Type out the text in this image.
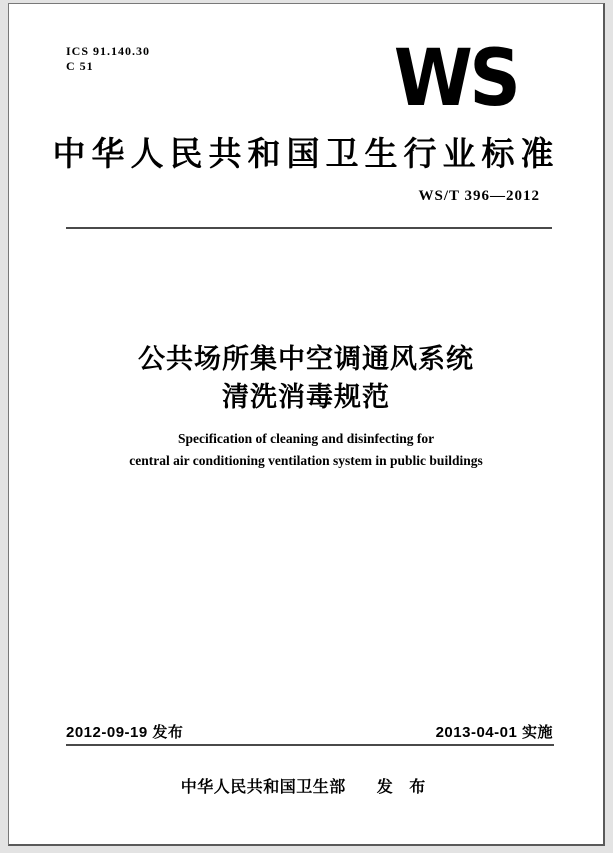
ICS 91.140.30
C 51	WS
中华人民共和国卫生行业标准
WS/T 396—2012
公共场所集中空调通风系统
清洗消毒规范
Specification of cleaning and disinfecting for
central air conditioning ventilation system in public buildings
2012-09-19 发布	2013-04-01 实施
中华人民共和国卫生部 发 布
